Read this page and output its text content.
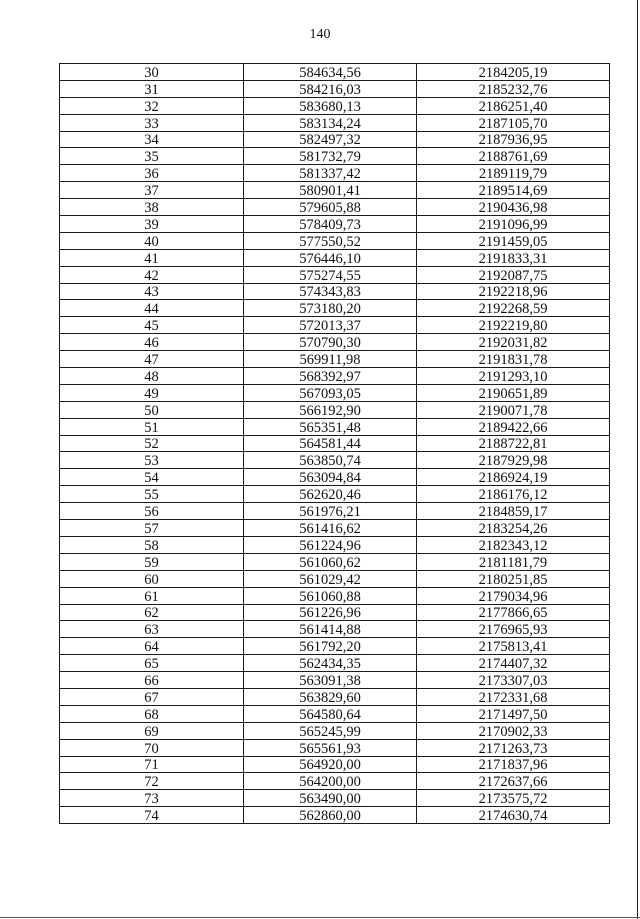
140
30	584634,56	2184205,19
31	584216,03	2185232,76
32	583680,13	2186251,40
33	583134,24	2187105,70
34	582497,32	2187936,95
35	581732,79	2188761,69
36	581337,42	2189119,79
37	580901,41	2189514,69
38	579605,88	2190436,98
39	578409,73	2191096,99
40	577550,52	2191459,05
41	576446,10	2191833,31
42	575274,55	2192087,75
43	574343,83	2192218,96
44	573180,20	2192268,59
45	572013,37	2192219,80
46	570790,30	2192031,82
47	569911,98	2191831,78
48	568392,97	2191293,10
49	567093,05	2190651,89
50	566192,90	2190071,78
51	565351,48	2189422,66
52	564581,44	2188722,81
53	563850,74	2187929,98
54	563094,84	2186924,19
55	562620,46	2186176,12
56	561976,21	2184859,17
57	561416,62	2183254,26
58	561224,96	2182343,12
59	561060,62	2181181,79
60	561029,42	2180251,85
61	561060,88	2179034,96
62	561226,96	2177866,65
63	561414,88	2176965,93
64	561792,20	2175813,41
65	562434,35	2174407,32
66	563091,38	2173307,03
67	563829,60	2172331,68
68	564580,64	2171497,50
69	565245,99	2170902,33
70	565561,93	2171263,73
71	564920,00	2171837,96
72	564200,00	2172637,66
73	563490,00	2173575,72
74	562860,00	2174630,74
